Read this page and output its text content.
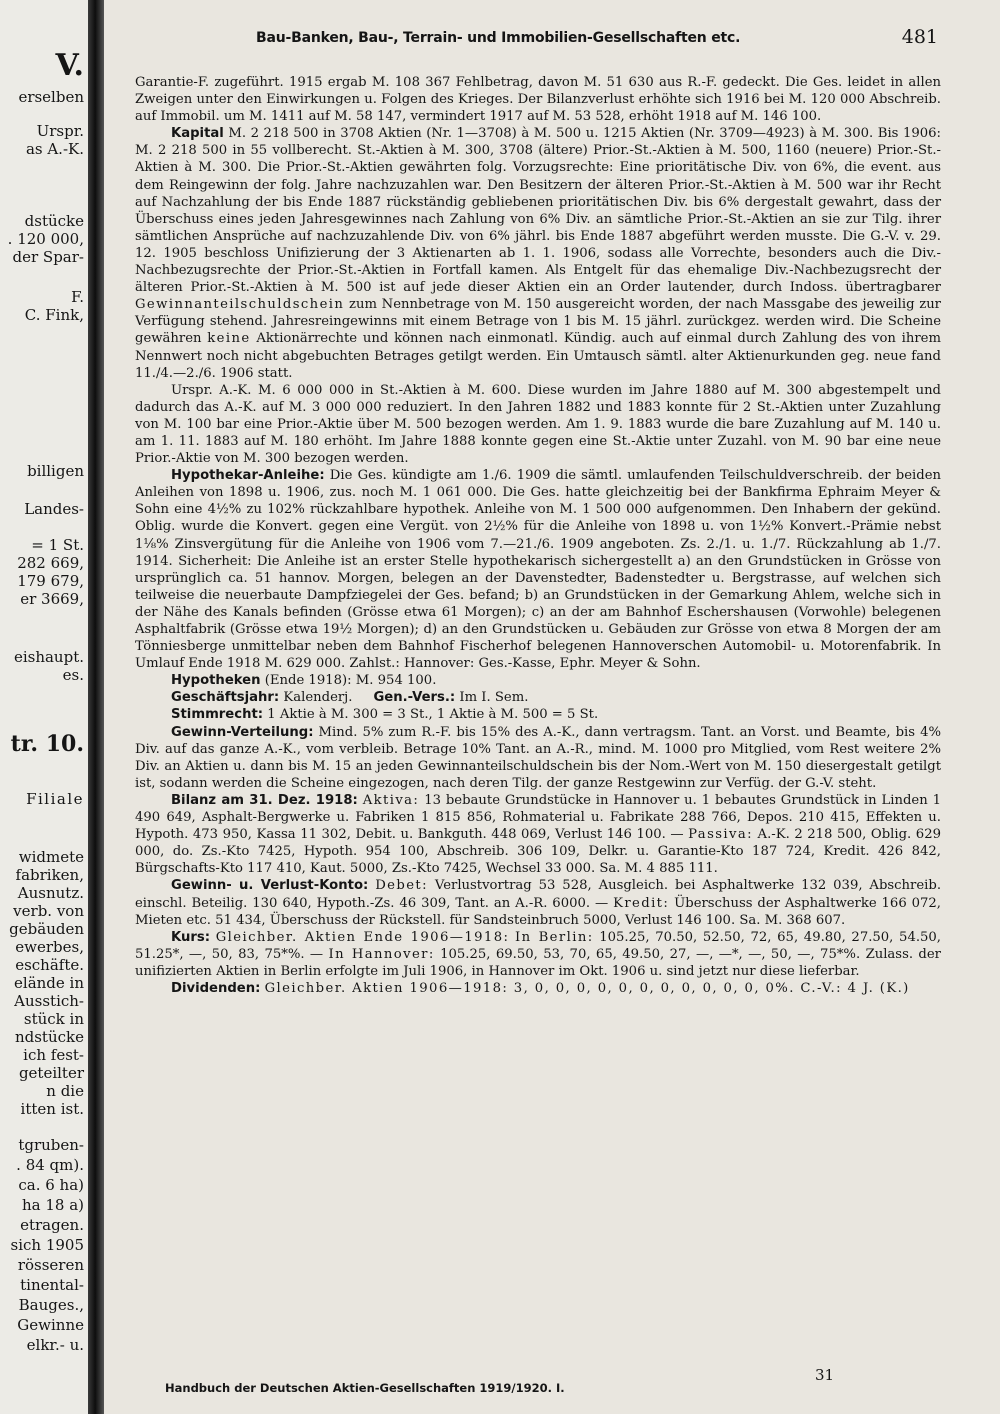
V.
erselben
Urspr.
as A.-K.
dstücke
. 120 000,
der Spar-
F.
C. Fink,
billigen
Landes-
= 1 St.
282 669,
179 679,
er 3669,
eishaupt.
es.
tr. 10.
Filiale
widmete
fabriken,
Ausnutz.
verb. von
gebäuden
ewerbes,
eschäfte.
elände in
Ausstich-
stück in
ndstücke
ich fest-
geteilter
n die
itten ist.
tgruben-
. 84 qm).
ca. 6 ha)
ha 18 a)
etragen.
sich 1905
rösseren
tinental-
Bauges.,
Gewinne
elkr.- u.
Bau-Banken, Bau-, Terrain- und Immobilien-Gesellschaften etc.	481

Garantie-F. zugeführt. 1915 ergab M. 108 367 Fehlbetrag, davon M. 51 630 aus R.-F. gedeckt. Die Ges. leidet in allen Zweigen unter den Einwirkungen u. Folgen des Krieges. Der Bilanzverlust erhöhte sich 1916 bei M. 120 000 Abschreib. auf Immobil. um M. 1411 auf M. 58 147, vermindert 1917 auf M. 53 528, erhöht 1918 auf M. 146 100.

Kapital M. 2 218 500 in 3708 Aktien (Nr. 1—3708) à M. 500 u. 1215 Aktien (Nr. 3709—4923) à M. 300. Bis 1906: M. 2 218 500 in 55 vollberecht. St.-Aktien à M. 300, 3708 (ältere) Prior.-St.-Aktien à M. 500, 1160 (neuere) Prior.-St.-Aktien à M. 300. Die Prior.-St.-Aktien gewährten folg. Vorzugsrechte: Eine prioritätische Div. von 6%, die event. aus dem Reingewinn der folg. Jahre nachzuzahlen war. Den Besitzern der älteren Prior.-St.-Aktien à M. 500 war ihr Recht auf Nachzahlung der bis Ende 1887 rückständig gebliebenen prioritätischen Div. bis 6% dergestalt gewahrt, dass der Überschuss eines jeden Jahresgewinnes nach Zahlung von 6% Div. an sämtliche Prior.-St.-Aktien an sie zur Tilg. ihrer sämtlichen Ansprüche auf nachzuzahlende Div. von 6% jährl. bis Ende 1887 abgeführt werden musste. Die G.-V. v. 29. 12. 1905 beschloss Unifizierung der 3 Aktienarten ab 1. 1. 1906, sodass alle Vorrechte, besonders auch die Div.-Nachbezugsrechte der Prior.-St.-Aktien in Fortfall kamen. Als Entgelt für das ehemalige Div.-Nachbezugsrecht der älteren Prior.-St.-Aktien à M. 500 ist auf jede dieser Aktien ein an Order lautender, durch Indoss. übertragbarer Gewinnanteilschuldschein zum Nennbetrage von M. 150 ausgereicht worden, der nach Massgabe des jeweilig zur Verfügung stehend. Jahresreingewinns mit einem Betrage von 1 bis M. 15 jährl. zurückgez. werden wird. Die Scheine gewähren keine Aktionärrechte und können nach einmonatl. Kündig. auch auf einmal durch Zahlung des von ihrem Nennwert noch nicht abgebuchten Betrages getilgt werden. Ein Umtausch sämtl. alter Aktienurkunden geg. neue fand 11./4.—2./6. 1906 statt.

Urspr. A.-K. M. 6 000 000 in St.-Aktien à M. 600. Diese wurden im Jahre 1880 auf M. 300 abgestempelt und dadurch das A.-K. auf M. 3 000 000 reduziert. In den Jahren 1882 und 1883 konnte für 2 St.-Aktien unter Zuzahlung von M. 100 bar eine Prior.-Aktie über M. 500 bezogen werden. Am 1. 9. 1883 wurde die bare Zuzahlung auf M. 140 u. am 1. 11. 1883 auf M. 180 erhöht. Im Jahre 1888 konnte gegen eine St.-Aktie unter Zuzahl. von M. 90 bar eine neue Prior.-Aktie von M. 300 bezogen werden.

Hypothekar-Anleihe: Die Ges. kündigte am 1./6. 1909 die sämtl. umlaufenden Teilschuldverschreib. der beiden Anleihen von 1898 u. 1906, zus. noch M. 1 061 000. Die Ges. hatte gleichzeitig bei der Bankfirma Ephraim Meyer & Sohn eine 4½% zu 102% rückzahlbare hypothek. Anleihe von M. 1 500 000 aufgenommen. Den Inhabern der gekünd. Oblig. wurde die Konvert. gegen eine Vergüt. von 2½% für die Anleihe von 1898 u. von 1½% Konvert.-Prämie nebst 1⅛% Zinsvergütung für die Anleihe von 1906 vom 7.—21./6. 1909 angeboten. Zs. 2./1. u. 1./7. Rückzahlung ab 1./7. 1914. Sicherheit: Die Anleihe ist an erster Stelle hypothekarisch sichergestellt a) an den Grundstücken in Grösse von ursprünglich ca. 51 hannov. Morgen, belegen an der Davenstedter, Badenstedter u. Bergstrasse, auf welchen sich teilweise die neuerbaute Dampfziegelei der Ges. befand; b) an Grundstücken in der Gemarkung Ahlem, welche sich in der Nähe des Kanals befinden (Grösse etwa 61 Morgen); c) an der am Bahnhof Eschershausen (Vorwohle) belegenen Asphaltfabrik (Grösse etwa 19½ Morgen); d) an den Grundstücken u. Gebäuden zur Grösse von etwa 8 Morgen der am Tönniesberge unmittelbar neben dem Bahnhof Fischerhof belegenen Hannoverschen Automobil- u. Motorenfabrik. In Umlauf Ende 1918 M. 629 000. Zahlst.: Hannover: Ges.-Kasse, Ephr. Meyer & Sohn.

Hypotheken (Ende 1918): M. 954 100.

Geschäftsjahr: Kalenderj. Gen.-Vers.: Im I. Sem.

Stimmrecht: 1 Aktie à M. 300 = 3 St., 1 Aktie à M. 500 = 5 St.

Gewinn-Verteilung: Mind. 5% zum R.-F. bis 15% des A.-K., dann vertragsm. Tant. an Vorst. und Beamte, bis 4% Div. auf das ganze A.-K., vom verbleib. Betrage 10% Tant. an A.-R., mind. M. 1000 pro Mitglied, vom Rest weitere 2% Div. an Aktien u. dann bis M. 15 an jeden Gewinnanteilschuldschein bis der Nom.-Wert von M. 150 diesergestalt getilgt ist, sodann werden die Scheine eingezogen, nach deren Tilg. der ganze Restgewinn zur Verfüg. der G.-V. steht.

Bilanz am 31. Dez. 1918: Aktiva: 13 bebaute Grundstücke in Hannover u. 1 bebautes Grundstück in Linden 1 490 649, Asphalt-Bergwerke u. Fabriken 1 815 856, Rohmaterial u. Fabrikate 288 766, Depos. 210 415, Effekten u. Hypoth. 473 950, Kassa 11 302, Debit. u. Bankguth. 448 069, Verlust 146 100. — Passiva: A.-K. 2 218 500, Oblig. 629 000, do. Zs.-Kto 7425, Hypoth. 954 100, Abschreib. 306 109, Delkr. u. Garantie-Kto 187 724, Kredit. 426 842, Bürgschafts-Kto 117 410, Kaut. 5000, Zs.-Kto 7425, Wechsel 33 000. Sa. M. 4 885 111.

Gewinn- u. Verlust-Konto: Debet: Verlustvortrag 53 528, Ausgleich. bei Asphaltwerke 132 039, Abschreib. einschl. Beteilig. 130 640, Hypoth.-Zs. 46 309, Tant. an A.-R. 6000. — Kredit: Überschuss der Asphaltwerke 166 072, Mieten etc. 51 434, Überschuss der Rückstell. für Sandsteinbruch 5000, Verlust 146 100. Sa. M. 368 607.

Kurs: Gleichber. Aktien Ende 1906—1918: In Berlin: 105.25, 70.50, 52.50, 72, 65, 49.80, 27.50, 54.50, 51.25*, —, 50, 83, 75*%. — In Hannover: 105.25, 69.50, 53, 70, 65, 49.50, 27, —, —*, —, 50, —, 75*%. Zulass. der unifizierten Aktien in Berlin erfolgte im Juli 1906, in Hannover im Okt. 1906 u. sind jetzt nur diese lieferbar.

Dividenden: Gleichber. Aktien 1906—1918: 3, 0, 0, 0, 0, 0, 0, 0, 0, 0, 0, 0, 0%. C.-V.: 4 J. (K.)

Handbuch der Deutschen Aktien-Gesellschaften 1919/1920. I.
31
